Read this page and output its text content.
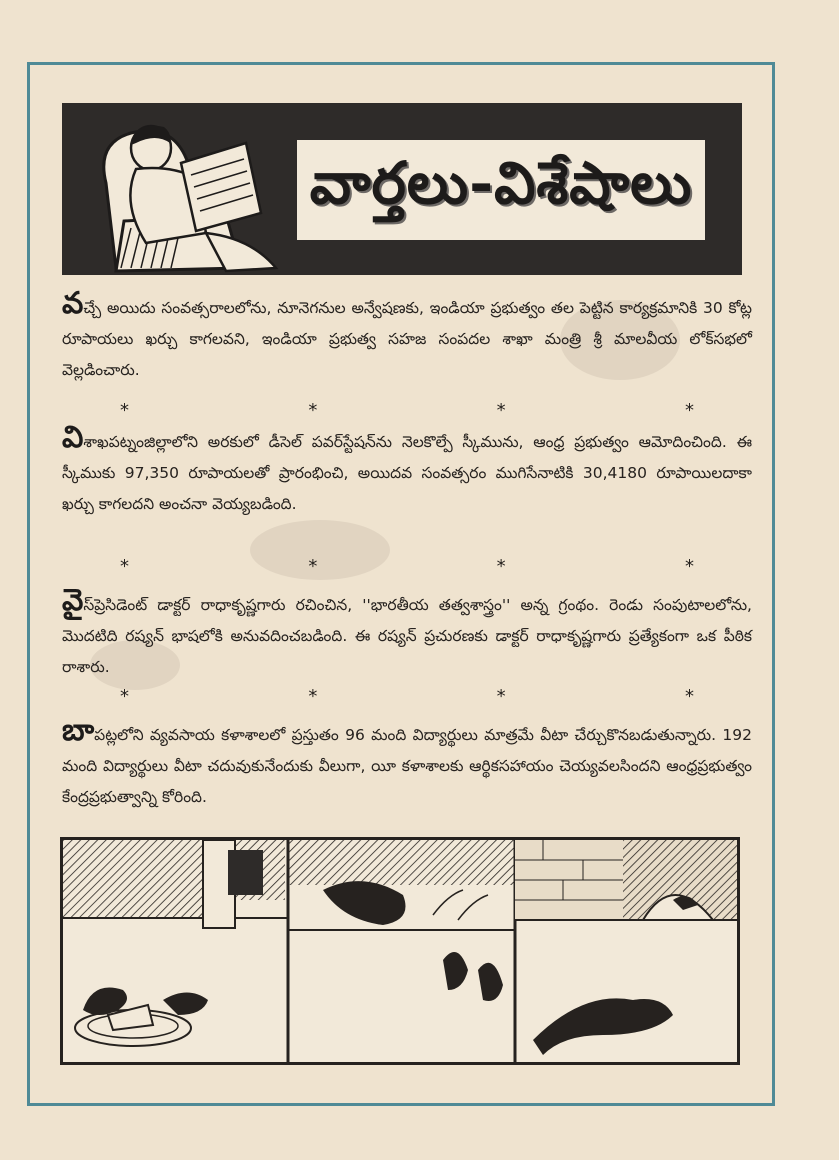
వార్తలు-విశేషాలు

వచ్చే అయిదు సంవత్సరాలలోను, నూనెగనుల అన్వేషణకు, ఇండియా ప్రభుత్వం తల పెట్టిన కార్యక్రమానికి 30 కోట్ల రూపాయలు ఖర్చు కాగలవని, ఇండియా ప్రభుత్వ సహజ సంపదల శాఖా మంత్రి శ్రీ మాలవీయ లోక్‌సభలో వెల్లడించారు.

*	*	*	*

విశాఖపట్నంజిల్లాలోని అరకులో డీసెల్ పవర్‌స్టేషన్‌ను నెలకొల్పే స్కీమును, ఆంధ్ర ప్రభుత్వం ఆమోదించింది. ఈ స్కీముకు 97,350 రూపాయలతో ప్రారంభించి, అయిదవ సంవత్సరం ముగిసేనాటికి 30,4180 రూపాయిలదాకా ఖర్చు కాగలదని అంచనా వెయ్యబడింది.

*	*	*	*

వైస్‌ప్రెసిడెంట్ డాక్టర్ రాధాకృష్ణగారు రచించిన, ''భారతీయ తత్వశాస్త్రం'' అన్న గ్రంథం. రెండు సంపుటాలలోను, మొదటిది రష్యన్ భాషలోకి అనువదించబడింది. ఈ రష్యన్ ప్రచురణకు డాక్టర్ రాధాకృష్ణగారు ప్రత్యేకంగా ఒక పీఠిక రాశారు.

*	*	*	*

బాపట్లలోని వ్యవసాయ కళాశాలలో ప్రస్తుతం 96 మంది విద్యార్థులు మాత్రమే వీటా చేర్చుకొనబడుతున్నారు. 192 మంది విద్యార్థులు వీటా చదువుకునేందుకు వీలుగా, యీ కళాశాలకు ఆర్థికసహాయం చెయ్యవలసిందని ఆంధ్రప్రభుత్వం కేంద్రప్రభుత్వాన్ని కోరింది.
